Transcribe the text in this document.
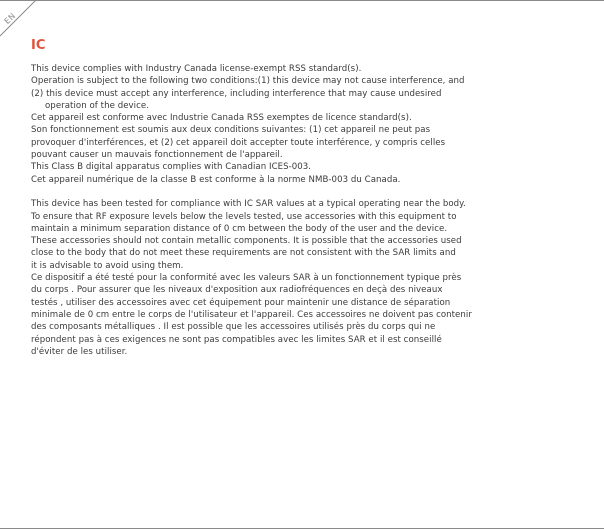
EN
IC

This device complies with Industry Canada license-exempt RSS standard(s).

Operation is subject to the following two conditions:(1) this device may not cause interference, and

(2) this device must accept any interference, including interference that may cause undesired

operation of the device.

Cet appareil est conforme avec Industrie Canada RSS exemptes de licence standard(s).

Son fonctionnement est soumis aux deux conditions suivantes: (1) cet appareil ne peut pas

provoquer d'interférences, et (2) cet appareil doit accepter toute interférence, y compris celles

pouvant causer un mauvais fonctionnement de l'appareil.

This Class B digital apparatus complies with Canadian ICES-003.

Cet appareil numérique de la classe B est conforme à la norme NMB-003 du Canada.

This device has been tested for compliance with IC SAR values at a typical operating near the body.

To ensure that RF exposure levels below the levels tested, use accessories with this equipment to

maintain a minimum separation distance of 0 cm between the body of the user and the device.

These accessories should not contain metallic components. It is possible that the accessories used

close to the body that do not meet these requirements are not consistent with the SAR limits and

it is advisable to avoid using them.

Ce dispositif a été testé pour la conformité avec les valeurs SAR à un fonctionnement typique près

du corps . Pour assurer que les niveaux d'exposition aux radiofréquences en deçà des niveaux

testés , utiliser des accessoires avec cet équipement pour maintenir une distance de séparation

minimale de 0 cm entre le corps de l'utilisateur et l'appareil. Ces accessoires ne doivent pas contenir

des composants métalliques . Il est possible que les accessoires utilisés près du corps qui ne

répondent pas à ces exigences ne sont pas compatibles avec les limites SAR et il est conseillé

d'éviter de les utiliser.
